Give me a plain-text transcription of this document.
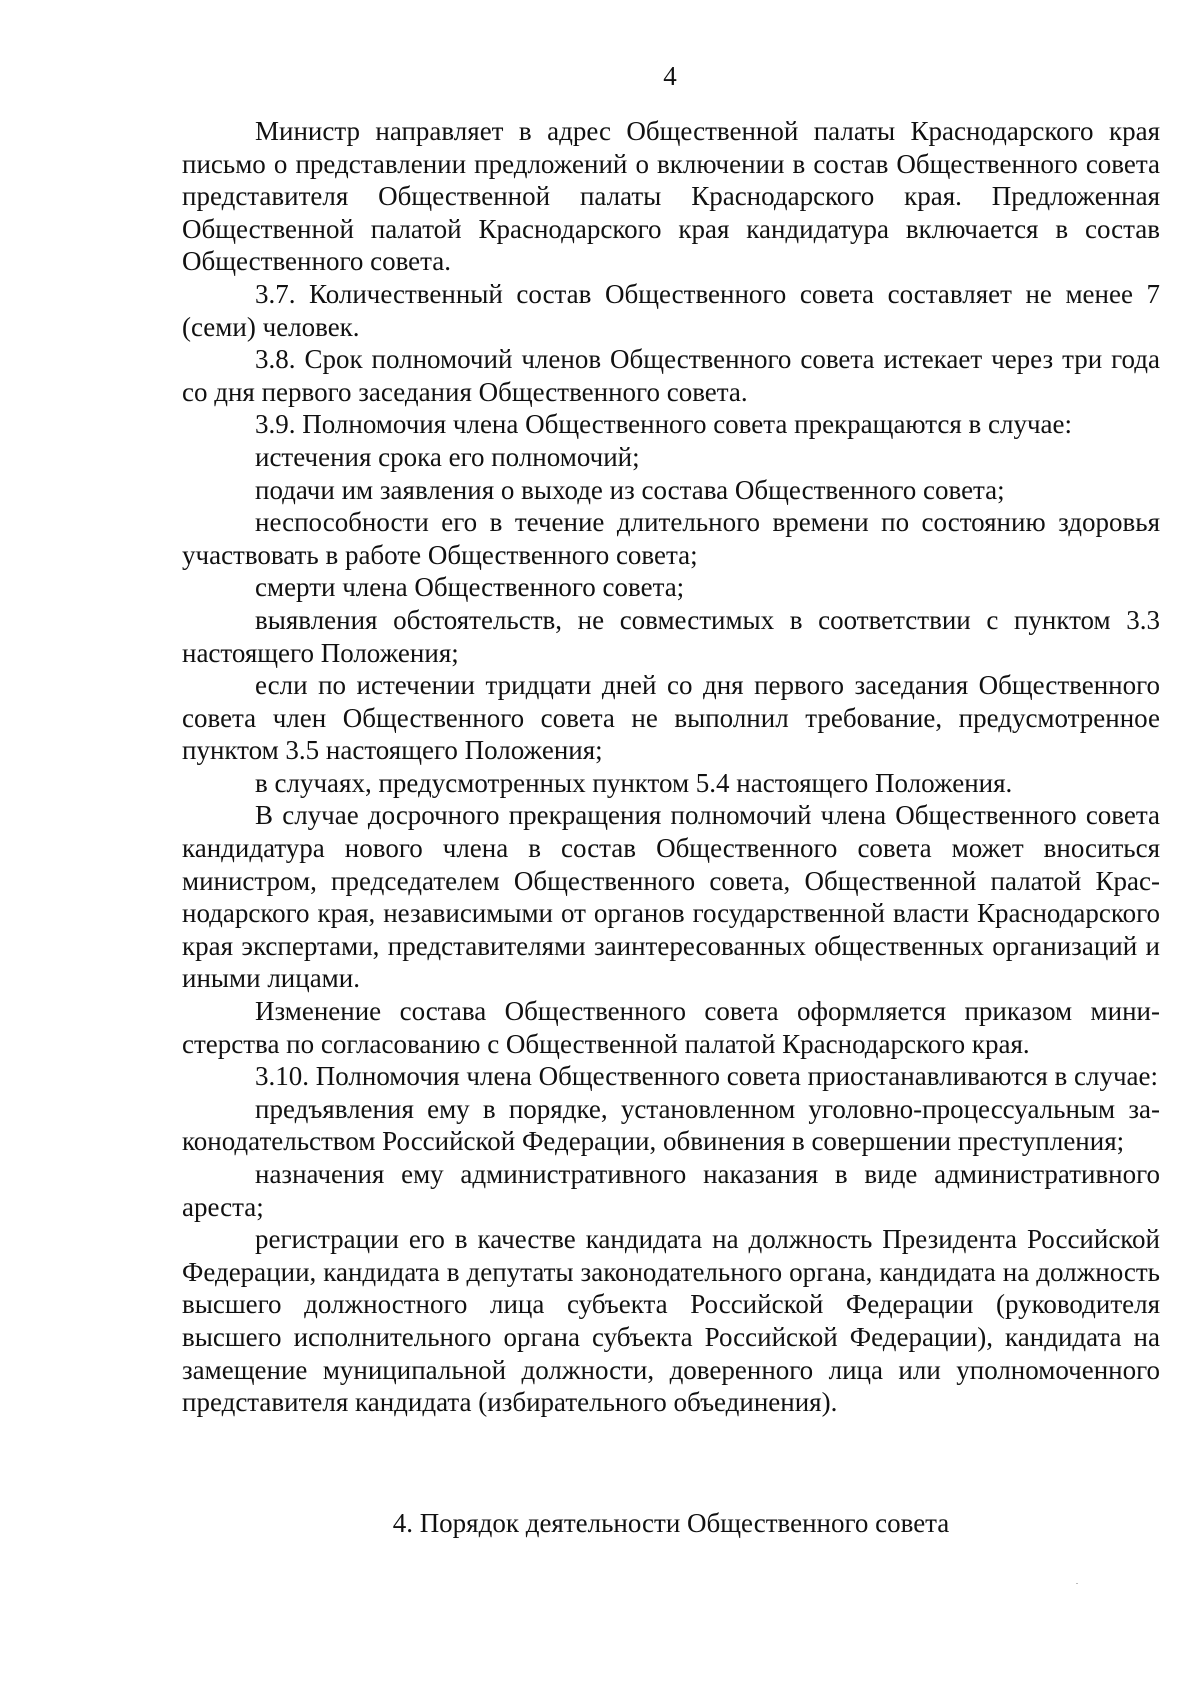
4

Министр направляет в адрес Общественной палаты Краснодарского края письмо о представлении предложений о включении в состав Общественного совета представителя Общественной палаты Краснодарского края. Предложенная Общественной палатой Краснодарского края кандидатура включается в состав Общественного совета.

3.7. Количественный состав Общественного совета составляет не менее 7 (семи) человек.

3.8. Срок полномочий членов Общественного совета истекает через три года со дня первого заседания Общественного совета.

3.9. Полномочия члена Общественного совета прекращаются в случае:

истечения срока его полномочий;

подачи им заявления о выходе из состава Общественного совета;

неспособности его в течение длительного времени по состоянию здоровья участвовать в работе Общественного совета;

смерти члена Общественного совета;

выявления обстоятельств, не совместимых в соответствии с пунктом 3.3 настоящего Положения;

если по истечении тридцати дней со дня первого заседания Общественного совета член Общественного совета не выполнил требование, предусмотренное пунктом 3.5 настоящего Положения;

в случаях, предусмотренных пунктом 5.4 настоящего Положения.

В случае досрочного прекращения полномочий члена Общественного совета кандидатура нового члена в состав Общественного совета может вноситься министром, председателем Общественного совета, Общественной палатой Краснодарского края, независимыми от органов государственной власти Краснодарского края экспертами, представителями заинтересованных общественных организаций и иными лицами.

Изменение состава Общественного совета оформляется приказом министерства по согласованию с Общественной палатой Краснодарского края.

3.10. Полномочия члена Общественного совета приостанавливаются в случае:

предъявления ему в порядке, установленном уголовно-процессуальным законодательством Российской Федерации, обвинения в совершении преступления;

назначения ему административного наказания в виде административного ареста;

регистрации его в качестве кандидата на должность Президента Российской Федерации, кандидата в депутаты законодательного органа, кандидата на должность высшего должностного лица субъекта Российской Федерации (руководителя высшего исполнительного органа субъекта Российской Федерации), кандидата на замещение муниципальной должности, доверенного лица или уполномоченного представителя кандидата (избирательного объединения).

4. Порядок деятельности Общественного совета
